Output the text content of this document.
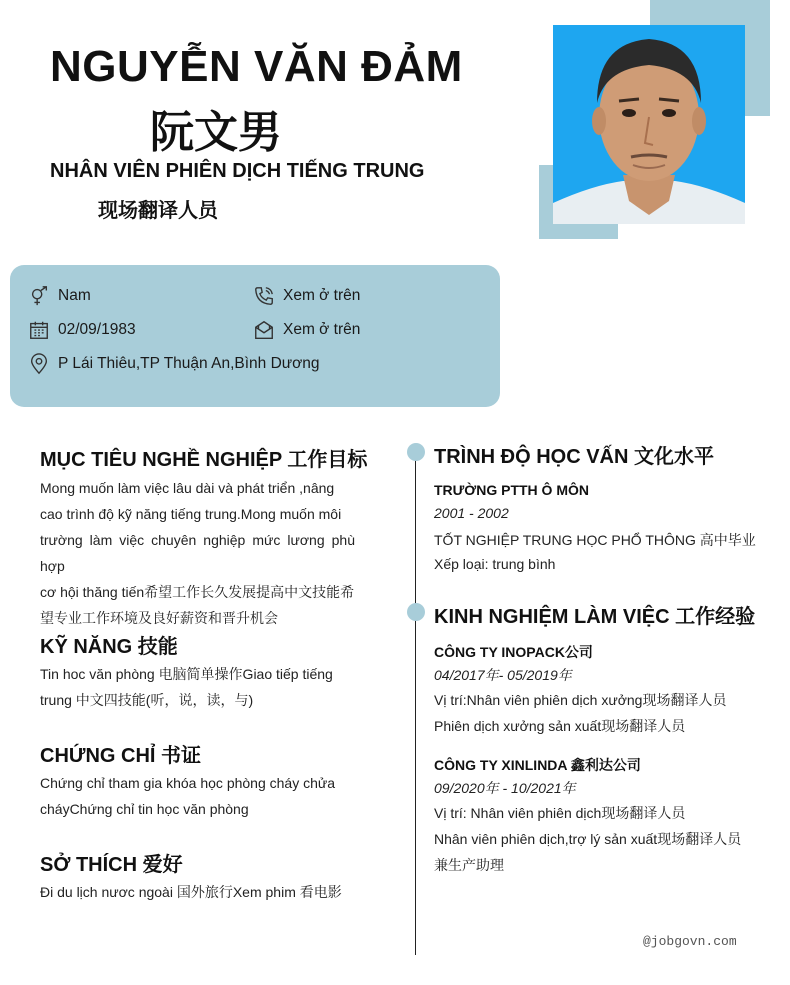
NGUYỄN VĂN ĐẢM
阮文男
NHÂN VIÊN PHIÊN DỊCH TIẾNG TRUNG
现场翻译人员
Nam	Xem ở trên
02/09/1983	Xem ở trên
P Lái Thiêu,TP Thuận An,Bình Dương
MỤC TIÊU NGHỀ NGHIỆP 工作目标
Mong muốn làm việc lâu dài và phát triển ,nâng
cao trình độ kỹ năng tiếng trung.Mong muốn môi
trường làm việc chuyên nghiệp mức lương phù hợp
cơ hội thăng tiến希望工作长久发展提高中文技能希
望专业工作环境及良好薪资和晋升机会
KỸ NĂNG 技能
Tin hoc văn phòng 电脑简单操作Giao tiếp tiếng
trung 中文四技能(听，说，读，与)
CHỨNG CHỈ 书证
Chứng chỉ tham gia khóa học phòng cháy chửa
cháyChứng chỉ tin học văn phòng
SỞ THÍCH 爱好
Đi du lịch nươc ngoài 国外旅行Xem phim 看电影
TRÌNH ĐỘ HỌC VẤN 文化水平
TRƯỜNG PTTH Ô MÔN
2001 - 2002
TỐT NGHIỆP TRUNG HỌC PHỔ THÔNG 高中毕业
Xếp loại: trung bình
KINH NGHIỆM LÀM VIỆC 工作经验
CÔNG TY INOPACK公司
04/2017年- 05/2019年
Vị trí:Nhân viên phiên dịch xưởng现场翻译人员
Phiên dịch xưởng sản xuất现场翻译人员
CÔNG TY XINLINDA 鑫利达公司
09/2020年 - 10/2021年
Vị trí: Nhân viên phiên dịch现场翻译人员
Nhân viên phiên dịch,trợ lý sản xuất现场翻译人员
兼生产助理
@jobgovn.com
